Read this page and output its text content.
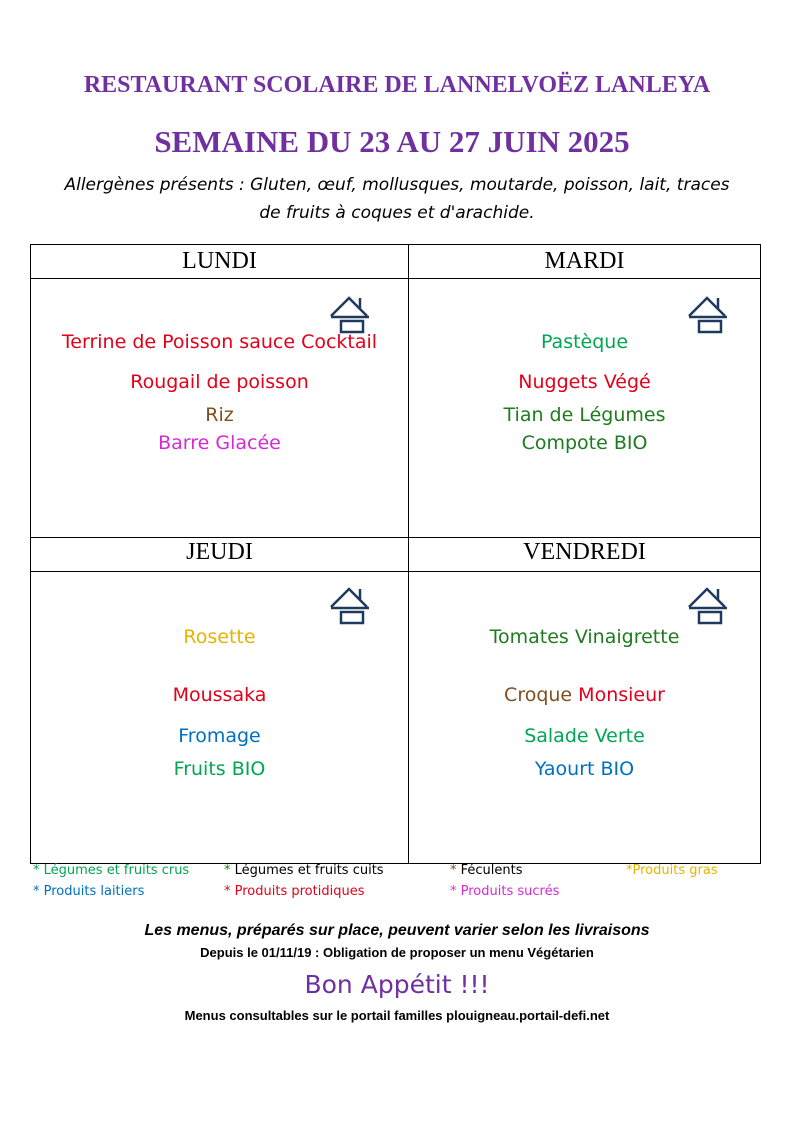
RESTAURANT SCOLAIRE DE LANNELVOËZ LANLEYA
SEMAINE DU 23 AU 27 JUIN 2025
Allergènes présents : Gluten, œuf, mollusques, moutarde, poisson, lait, traces
de fruits à coques et d'arachide.
LUNDI
Terrine de Poisson sauce Cocktail
Rougail de poisson
Riz
Barre Glacée
MARDI
Pastèque
Nuggets Végé
Tian de Légumes
Compote BIO
JEUDI
Rosette
Moussaka
Fromage
Fruits BIO
VENDREDI
Tomates Vinaigrette
Croque Monsieur
Salade Verte
Yaourt BIO
* Légumes et fruits crus	* Légumes et fruits cuits	* Féculents	*Produits gras
* Produits laitiers	* Produits protidiques	* Produits sucrés
Les menus, préparés sur place, peuvent varier selon les livraisons
Depuis le 01/11/19 : Obligation de proposer un menu Végétarien
Bon Appétit !!!
Menus consultables sur le portail familles plouigneau.portail-defi.net
